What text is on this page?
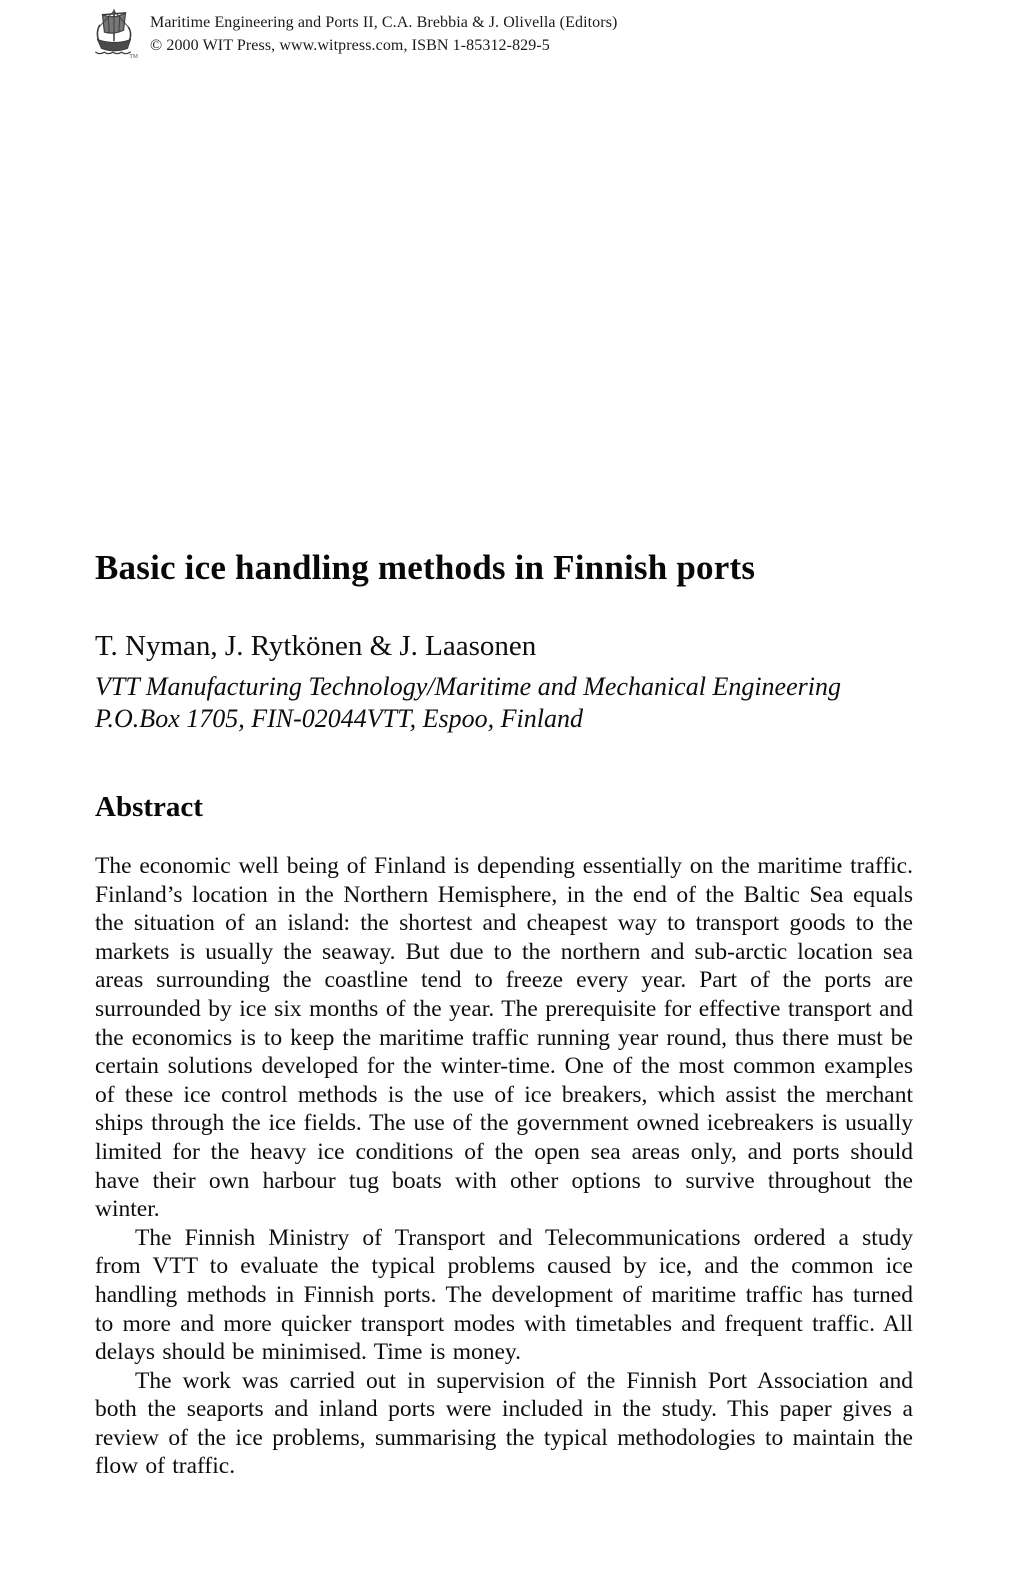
TM
Maritime Engineering and Ports II, C.A. Brebbia & J. Olivella (Editors)
© 2000 WIT Press, www.witpress.com, ISBN 1-85312-829-5
Basic ice handling methods in Finnish ports
T. Nyman, J. Rytkönen & J. Laasonen
VTT Manufacturing Technology/Maritime and Mechanical Engineering
P.O.Box 1705, FIN-02044VTT, Espoo, Finland
Abstract

The economic well being of Finland is depending essentially on the maritime traffic. Finland’s location in the Northern Hemisphere, in the end of the Baltic Sea equals the situation of an island: the shortest and cheapest way to transport goods to the markets is usually the seaway. But due to the northern and sub-arctic location sea areas surrounding the coastline tend to freeze every year. Part of the ports are surrounded by ice six months of the year. The prerequisite for effective transport and the economics is to keep the maritime traffic running year round, thus there must be certain solutions developed for the winter-time. One of the most common examples of these ice control methods is the use of ice breakers, which assist the merchant ships through the ice fields. The use of the government owned icebreakers is usually limited for the heavy ice conditions of the open sea areas only, and ports should have their own harbour tug boats with other options to survive throughout the winter.

The Finnish Ministry of Transport and Telecommunications ordered a study from VTT to evaluate the typical problems caused by ice, and the common ice handling methods in Finnish ports. The development of maritime traffic has turned to more and more quicker transport modes with timetables and frequent traffic. All delays should be minimised. Time is money.

The work was carried out in supervision of the Finnish Port Association and both the seaports and inland ports were included in the study. This paper gives a review of the ice problems, summarising the typical methodologies to maintain the flow of traffic.
